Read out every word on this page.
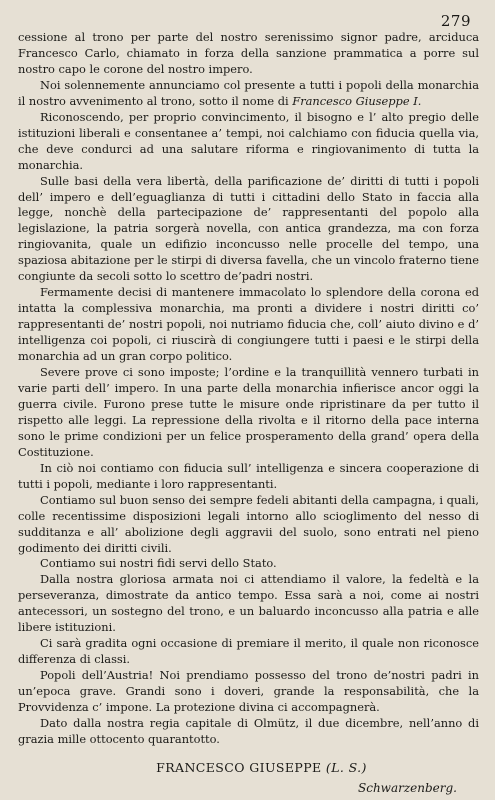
279

cessione al trono per parte del nostro serenissimo signor padre, arciduca Francesco Carlo, chiamato in forza della sanzione prammatica a porre sul nostro capo le corone del nostro impero.

Noi solennemente annunciamo col presente a tutti i popoli della monarchia il nostro avvenimento al trono, sotto il nome di Francesco Giuseppe I.

Riconoscendo, per proprio convincimento, il bisogno e l’ alto pregio delle istituzioni liberali e consentanee a’ tempi, noi calchiamo con fiducia quella via, che deve condurci ad una salutare riforma e ringiovanimento di tutta la monarchia.

Sulle basi della vera libertà, della parificazione de’ diritti di tutti i popoli dell’ impero e dell’eguaglianza di tutti i cittadini dello Stato in faccia alla legge, nonchè della partecipazione de’ rappresentanti del popolo alla legislazione, la patria sorgerà novella, con antica grandezza, ma con forza ringiovanita, quale un edifizio inconcusso nelle procelle del tempo, una spaziosa abitazione per le stirpi di diversa favella, che un vincolo fraterno tiene congiunte da secoli sotto lo scettro de’padri nostri.

Fermamente decisi di mantenere immacolato lo splendore della corona ed intatta la complessiva monarchia, ma pronti a dividere i nostri diritti co’ rappresentanti de’ nostri popoli, noi nutriamo fiducia che, coll’ aiuto divino e d’ intelligenza coi popoli, ci riuscirà di congiungere tutti i paesi e le stirpi della monarchia ad un gran corpo politico.

Severe prove ci sono imposte; l’ordine e la tranquillità vennero turbati in varie parti dell’ impero. In una parte della monarchia infierisce ancor oggi la guerra civile. Furono prese tutte le misure onde ripristinare da per tutto il rispetto alle leggi. La repressione della rivolta e il ritorno della pace interna sono le prime condizioni per un felice prosperamento della grand’ opera della Costituzione.

In ciò noi contiamo con fiducia sull’ intelligenza e sincera cooperazione di tutti i popoli, mediante i loro rappresentanti.

Contiamo sul buon senso dei sempre fedeli abitanti della campagna, i quali, colle recentissime disposizioni legali intorno allo scioglimento del nesso di sudditanza e all’ abolizione degli aggravii del suolo, sono entrati nel pieno godimento dei diritti civili.

Contiamo sui nostri fidi servi dello Stato.

Dalla nostra gloriosa armata noi ci attendiamo il valore, la fedeltà e la perseveranza, dimostrate da antico tempo. Essa sarà a noi, come ai nostri antecessori, un sostegno del trono, e un baluardo inconcusso alla patria e alle libere istituzioni.

Ci sarà gradita ogni occasione di premiare il merito, il quale non riconosce differenza di classi.

Popoli dell’Austria! Noi prendiamo possesso del trono de’nostri padri in un’epoca grave. Grandi sono i doveri, grande la responsabilità, che la Provvidenza c’ impone. La protezione divina ci accompagnerà.

Dato dalla nostra regia capitale di Olmütz, il due dicembre, nell’anno di grazia mille ottocento quarantotto.

FRANCESCO GIUSEPPE (L. S.)
Schwarzenberg.
